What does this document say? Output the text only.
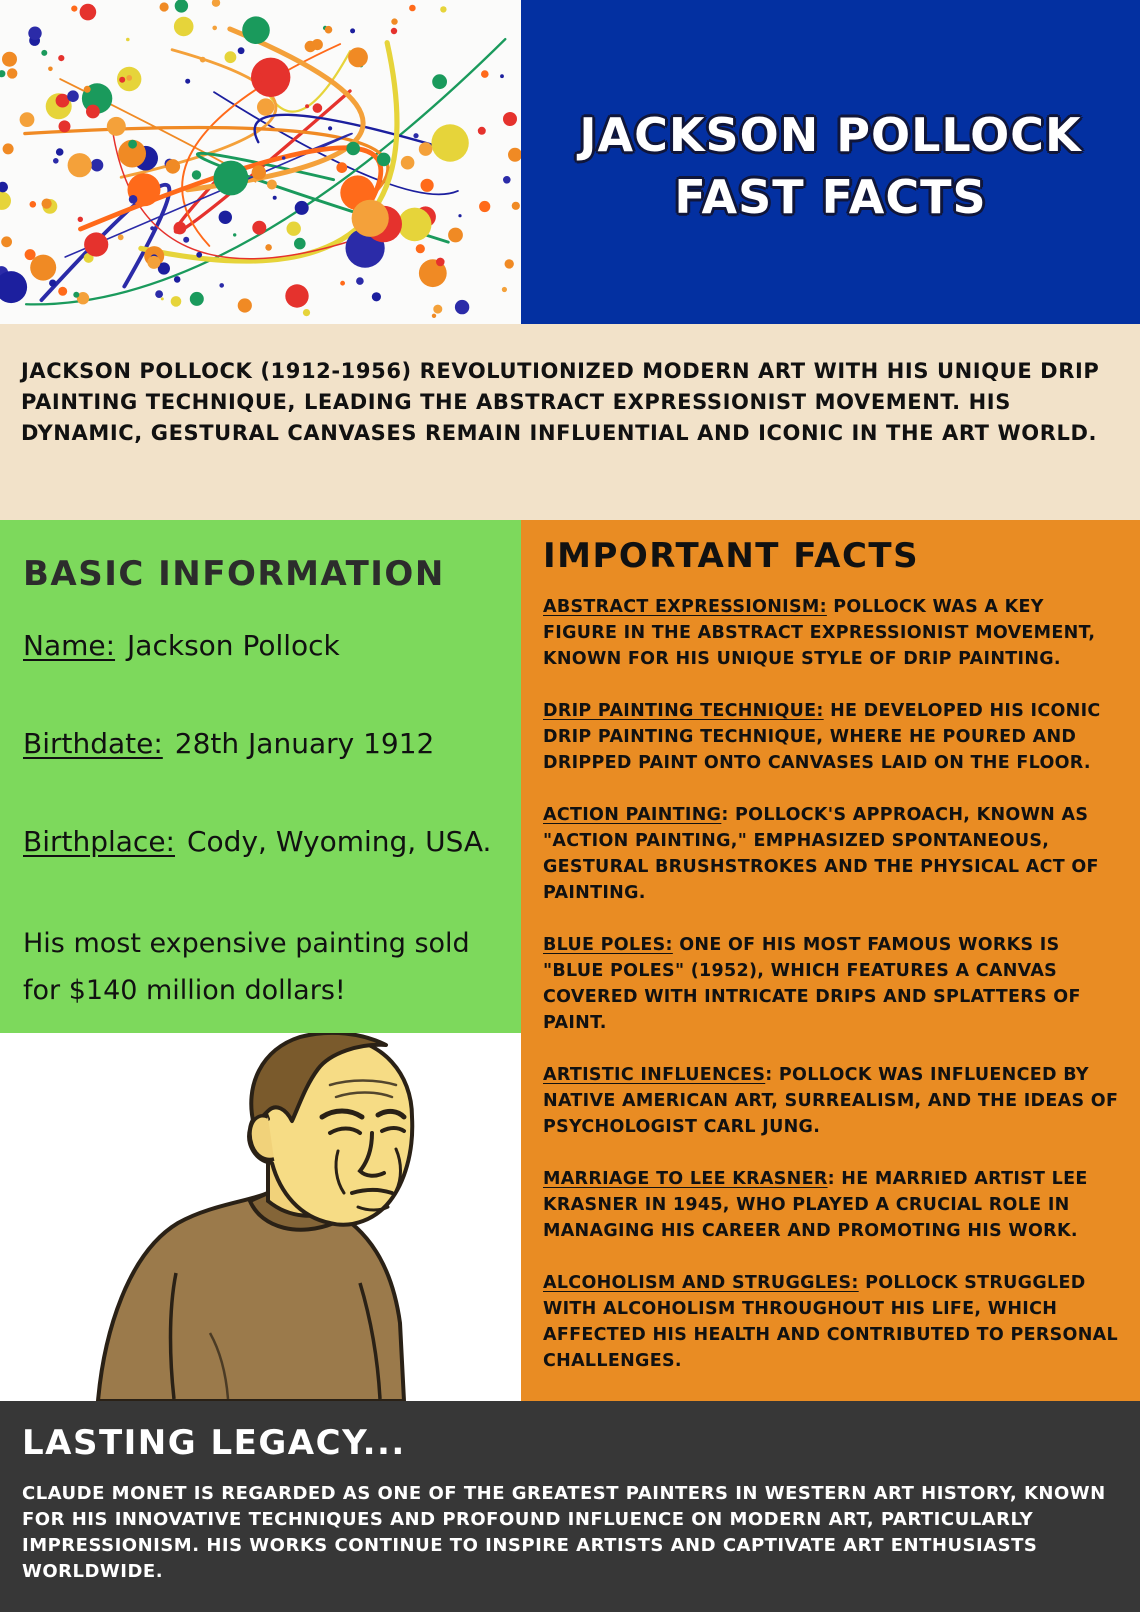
JACKSON POLLOCK
FAST FACTS

JACKSON POLLOCK (1912-1956) REVOLUTIONIZED MODERN ART WITH HIS UNIQUE DRIP PAINTING TECHNIQUE, LEADING THE ABSTRACT EXPRESSIONIST MOVEMENT. HIS DYNAMIC, GESTURAL CANVASES REMAIN INFLUENTIAL AND ICONIC IN THE ART WORLD.

BASIC INFORMATION
Name: Jackson Pollock
Birthdate: 28th January 1912
Birthplace: Cody, Wyoming, USA.
His most expensive painting sold for $140 million dollars!
IMPORTANT FACTS

ABSTRACT EXPRESSIONISM: POLLOCK WAS A KEY FIGURE IN THE ABSTRACT EXPRESSIONIST MOVEMENT, KNOWN FOR HIS UNIQUE STYLE OF DRIP PAINTING.

DRIP PAINTING TECHNIQUE: HE DEVELOPED HIS ICONIC DRIP PAINTING TECHNIQUE, WHERE HE POURED AND DRIPPED PAINT ONTO CANVASES LAID ON THE FLOOR.

ACTION PAINTING: POLLOCK'S APPROACH, KNOWN AS "ACTION PAINTING," EMPHASIZED SPONTANEOUS, GESTURAL BRUSHSTROKES AND THE PHYSICAL ACT OF PAINTING.

BLUE POLES: ONE OF HIS MOST FAMOUS WORKS IS "BLUE POLES" (1952), WHICH FEATURES A CANVAS COVERED WITH INTRICATE DRIPS AND SPLATTERS OF PAINT.

ARTISTIC INFLUENCES: POLLOCK WAS INFLUENCED BY NATIVE AMERICAN ART, SURREALISM, AND THE IDEAS OF PSYCHOLOGIST CARL JUNG.

MARRIAGE TO LEE KRASNER: HE MARRIED ARTIST LEE KRASNER IN 1945, WHO PLAYED A CRUCIAL ROLE IN MANAGING HIS CAREER AND PROMOTING HIS WORK.

ALCOHOLISM AND STRUGGLES: POLLOCK STRUGGLED WITH ALCOHOLISM THROUGHOUT HIS LIFE, WHICH AFFECTED HIS HEALTH AND CONTRIBUTED TO PERSONAL CHALLENGES.

LASTING LEGACY...

CLAUDE MONET IS REGARDED AS ONE OF THE GREATEST PAINTERS IN WESTERN ART HISTORY, KNOWN FOR HIS INNOVATIVE TECHNIQUES AND PROFOUND INFLUENCE ON MODERN ART, PARTICULARLY IMPRESSIONISM. HIS WORKS CONTINUE TO INSPIRE ARTISTS AND CAPTIVATE ART ENTHUSIASTS WORLDWIDE.
